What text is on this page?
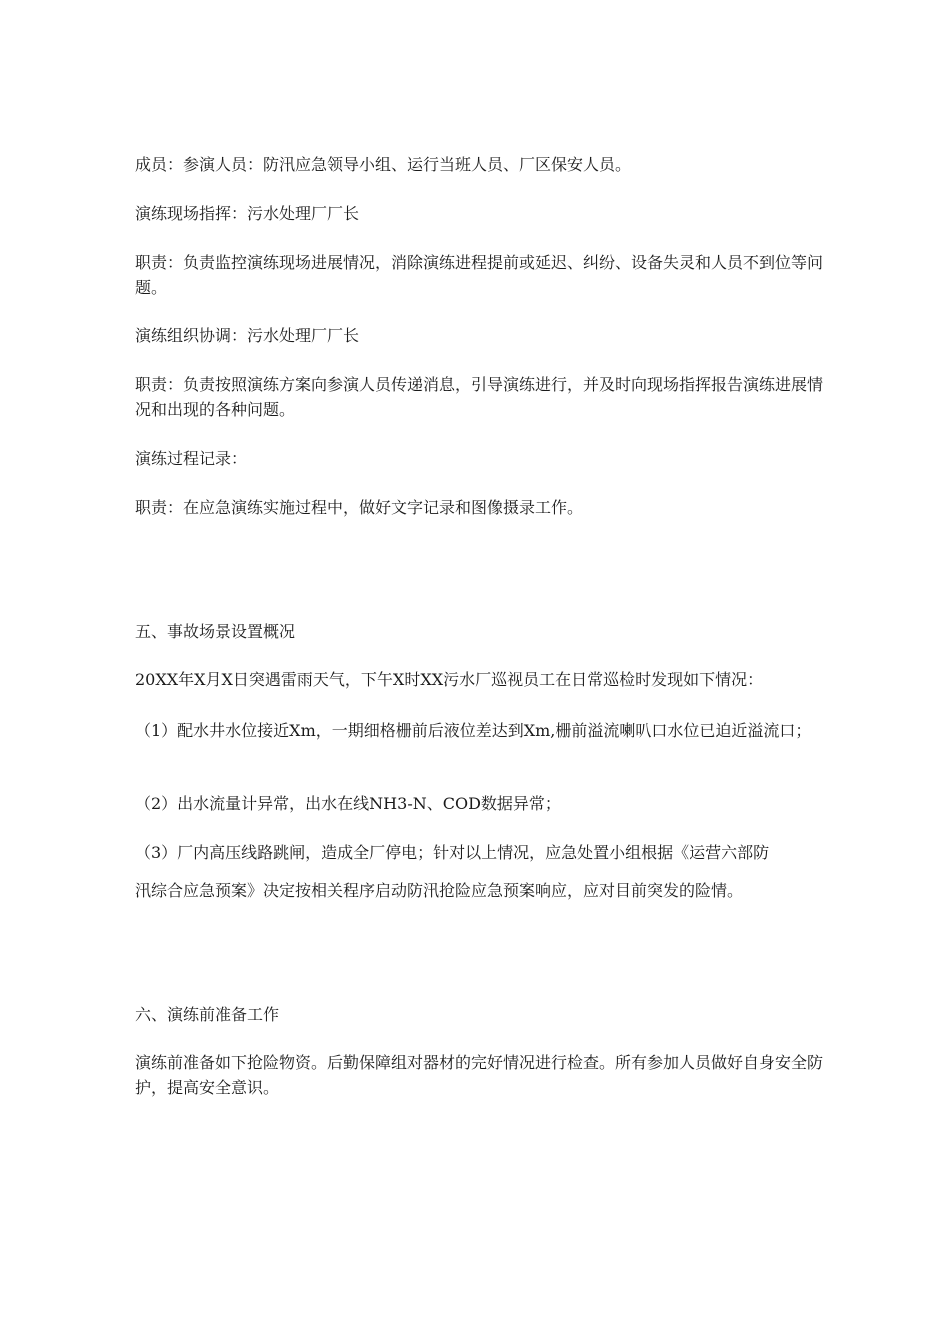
成员：参演人员：防汛应急领导小组、运行当班人员、厂区保安人员。

演练现场指挥：污水处理厂厂长

职责：负责监控演练现场进展情况，消除演练进程提前或延迟、纠纷、设备失灵和人员不到位等问题。

演练组织协调：污水处理厂厂长

职责：负责按照演练方案向参演人员传递消息，引导演练进行，并及时向现场指挥报告演练进展情况和出现的各种问题。

演练过程记录：

职责：在应急演练实施过程中，做好文字记录和图像摄录工作。

五、事故场景设置概况

20XX年X月X日突遇雷雨天气，下午X时XX污水厂巡视员工在日常巡检时发现如下情况：

（1）配水井水位接近Xm，一期细格栅前后液位差达到Xm,栅前溢流喇叭口水位已迫近溢流口；

（2）出水流量计异常，出水在线NH3-N、COD数据异常；

（3）厂内高压线路跳闸，造成全厂停电；针对以上情况，应急处置小组根据《运营六部防
汛综合应急预案》决定按相关程序启动防汛抢险应急预案响应，应对目前突发的险情。

六、演练前准备工作

演练前准备如下抢险物资。后勤保障组对器材的完好情况进行检查。所有参加人员做好自身安全防护，提高安全意识。
